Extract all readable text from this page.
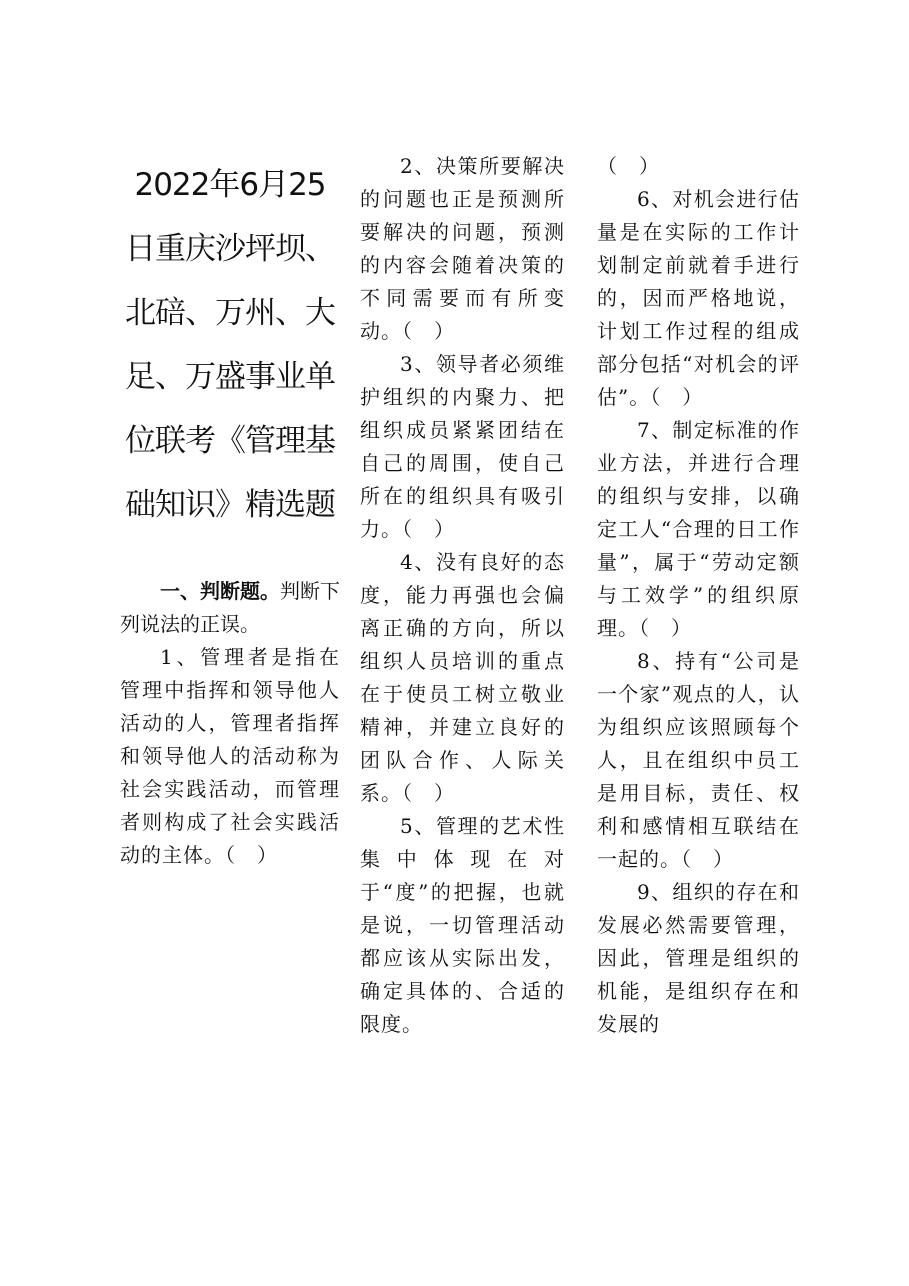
2022年6月25日重庆沙坪坝、北碚、万州、大足、万盛事业单位联考《管理基础知识》精选题
一、判断题。判断下列说法的正误。

1、管理者是指在管理中指挥和领导他人活动的人，管理者指挥和领导他人的活动称为社会实践活动，而管理者则构成了社会实践活动的主体。（　）

2、决策所要解决的问题也正是预测所要解决的问题，预测的内容会随着决策的不同需要而有所变动。（　）

3、领导者必须维护组织的内聚力、把组织成员紧紧团结在自己的周围，使自己所在的组织具有吸引力。（　）

4、没有良好的态度，能力再强也会偏离正确的方向，所以组织人员培训的重点在于使员工树立敬业精神，并建立良好的团队合作、人际关系。（　）

5、管理的艺术性集中体现在对于“度”的把握，也就是说，一切管理活动都应该从实际出发，确定具体的、合适的限度。

（　）

6、对机会进行估量是在实际的工作计划制定前就着手进行的，因而严格地说，计划工作过程的组成部分包括“对机会的评估”。（　）

7、制定标准的作业方法，并进行合理的组织与安排，以确定工人“合理的日工作量”，属于“劳动定额与工效学”的组织原理。（　）

8、持有“公司是一个家”观点的人，认为组织应该照顾每个人，且在组织中员工是用目标，责任、权利和感情相互联结在一起的。（　）

9、组织的存在和发展必然需要管理，因此，管理是组织的机能，是组织存在和发展的
